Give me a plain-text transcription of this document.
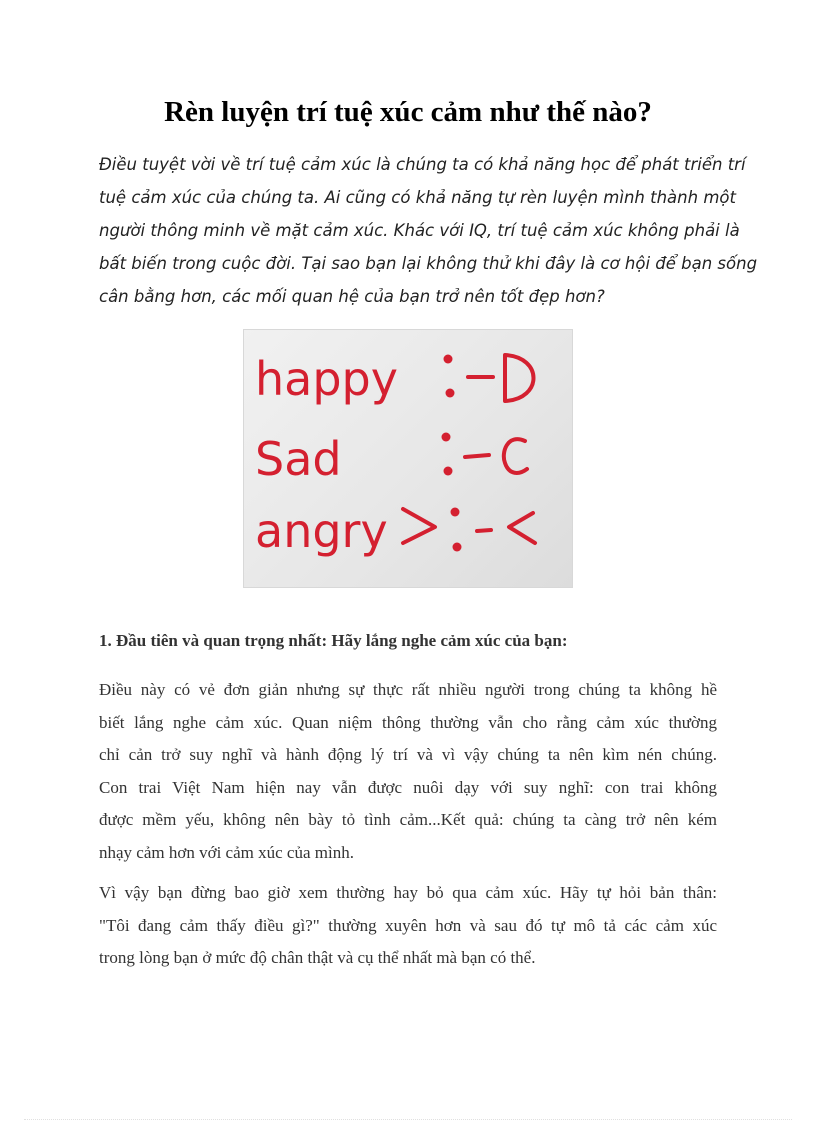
Rèn luyện trí tuệ xúc cảm như thế nào?

Điều tuyệt vời về trí tuệ cảm xúc là chúng ta có khả năng học để phát triển trí
tuệ cảm xúc của chúng ta. Ai cũng có khả năng tự rèn luyện mình thành một
người thông minh về mặt cảm xúc. Khác với IQ, trí tuệ cảm xúc không phải là
bất biến trong cuộc đời. Tại sao bạn lại không thử khi đây là cơ hội để bạn sống
cân bằng hơn, các mối quan hệ của bạn trở nên tốt đẹp hơn?

happy
Sad
angry
1. Đầu tiên và quan trọng nhất: Hãy lắng nghe cảm xúc của bạn:

Điều này có vẻ đơn giản nhưng sự thực rất nhiều người trong chúng ta không hề
biết lắng nghe cảm xúc. Quan niệm thông thường vẫn cho rằng cảm xúc thường
chỉ cản trở suy nghĩ và hành động lý trí và vì vậy chúng ta nên kìm nén chúng.
Con trai Việt Nam hiện nay vẫn được nuôi dạy với suy nghĩ: con trai không
được mềm yếu, không nên bày tỏ tình cảm...Kết quả: chúng ta càng trở nên kém
nhạy cảm hơn với cảm xúc của mình.

Vì vậy bạn đừng bao giờ xem thường hay bỏ qua cảm xúc. Hãy tự hỏi bản thân:
"Tôi đang cảm thấy điều gì?" thường xuyên hơn và sau đó tự mô tả các cảm xúc
trong lòng bạn ở mức độ chân thật và cụ thể nhất mà bạn có thể.
